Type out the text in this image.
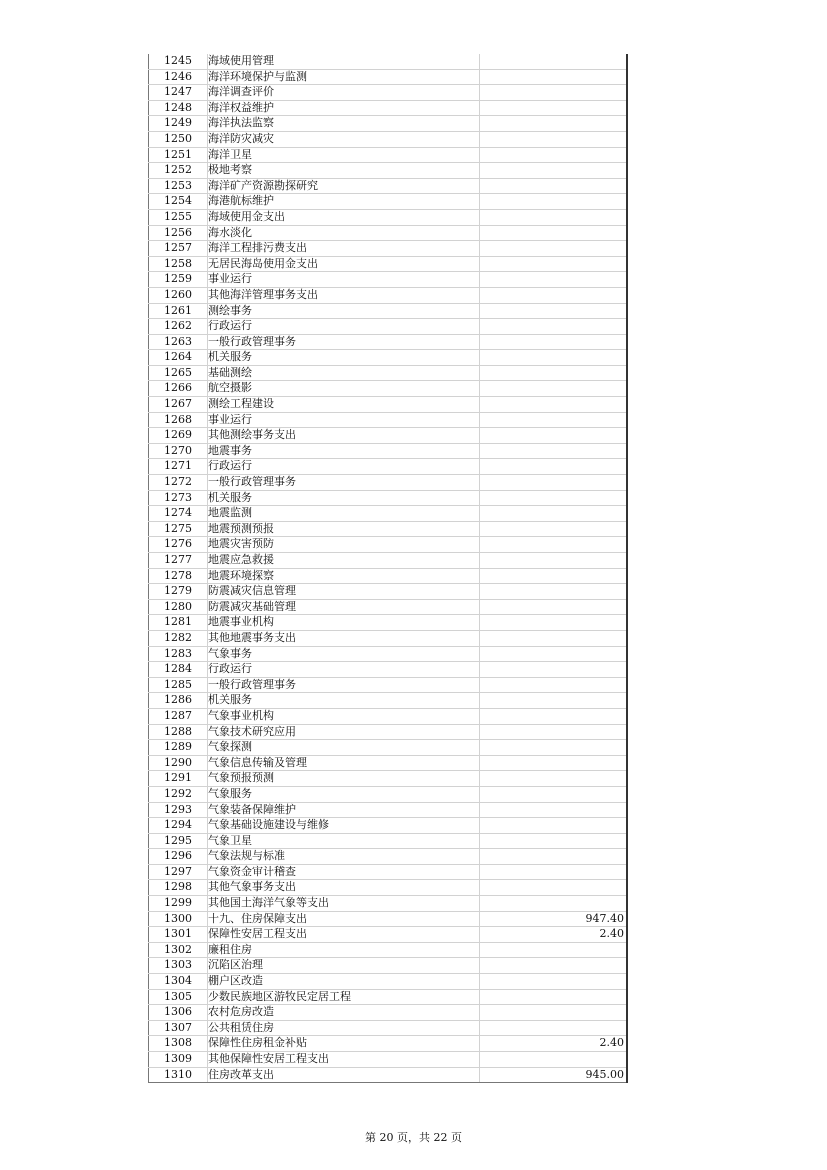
1245	海域使用管理	
1246	海洋环境保护与监测	
1247	海洋调查评价	
1248	海洋权益维护	
1249	海洋执法监察	
1250	海洋防灾减灾	
1251	海洋卫星	
1252	极地考察	
1253	海洋矿产资源勘探研究	
1254	海港航标维护	
1255	海域使用金支出	
1256	海水淡化	
1257	海洋工程排污费支出	
1258	无居民海岛使用金支出	
1259	事业运行	
1260	其他海洋管理事务支出	
1261	测绘事务	
1262	行政运行	
1263	一般行政管理事务	
1264	机关服务	
1265	基础测绘	
1266	航空摄影	
1267	测绘工程建设	
1268	事业运行	
1269	其他测绘事务支出	
1270	地震事务	
1271	行政运行	
1272	一般行政管理事务	
1273	机关服务	
1274	地震监测	
1275	地震预测预报	
1276	地震灾害预防	
1277	地震应急救援	
1278	地震环境探察	
1279	防震减灾信息管理	
1280	防震减灾基础管理	
1281	地震事业机构	
1282	其他地震事务支出	
1283	气象事务	
1284	行政运行	
1285	一般行政管理事务	
1286	机关服务	
1287	气象事业机构	
1288	气象技术研究应用	
1289	气象探测	
1290	气象信息传输及管理	
1291	气象预报预测	
1292	气象服务	
1293	气象装备保障维护	
1294	气象基础设施建设与维修	
1295	气象卫星	
1296	气象法规与标准	
1297	气象资金审计稽查	
1298	其他气象事务支出	
1299	其他国土海洋气象等支出	
1300	十九、住房保障支出	947.40
1301	保障性安居工程支出	2.40
1302	廉租住房	
1303	沉陷区治理	
1304	棚户区改造	
1305	少数民族地区游牧民定居工程	
1306	农村危房改造	
1307	公共租赁住房	
1308	保障性住房租金补贴	2.40
1309	其他保障性安居工程支出	
1310	住房改革支出	945.00
第 20 页，共 22 页
